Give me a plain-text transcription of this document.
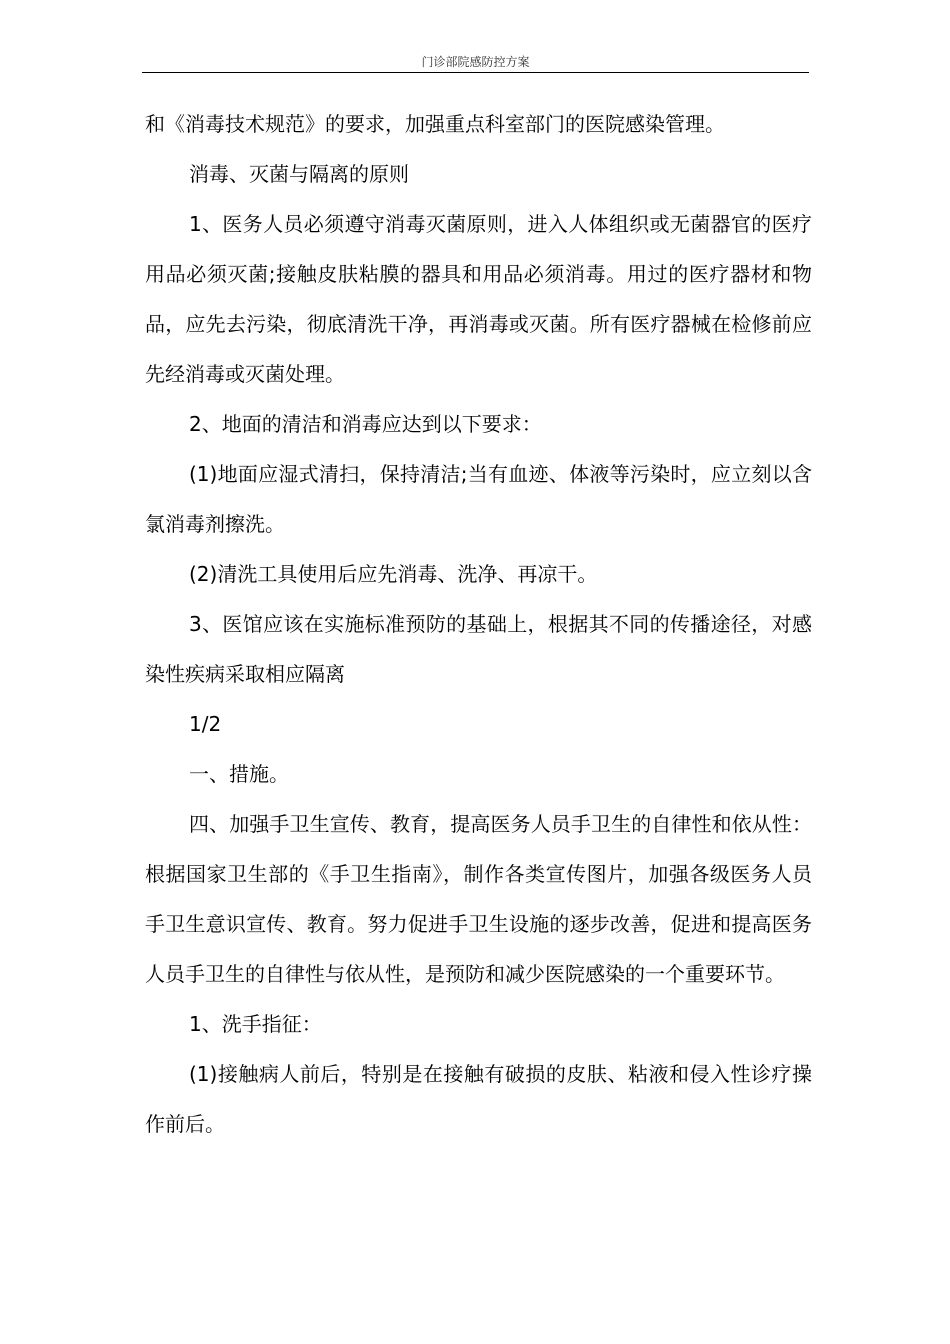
门诊部院感防控方案

和《消毒技术规范》的要求，加强重点科室部门的医院感染管理。

消毒、灭菌与隔离的原则

1、医务人员必须遵守消毒灭菌原则，进入人体组织或无菌器官的医疗用品必须灭菌;接触皮肤粘膜的器具和用品必须消毒。用过的医疗器材和物品，应先去污染，彻底清洗干净，再消毒或灭菌。所有医疗器械在检修前应先经消毒或灭菌处理。

2、地面的清洁和消毒应达到以下要求：

(1)地面应湿式清扫，保持清洁;当有血迹、体液等污染时，应立刻以含氯消毒剂擦洗。

(2)清洗工具使用后应先消毒、洗净、再凉干。

3、医馆应该在实施标准预防的基础上，根据其不同的传播途径，对感染性疾病采取相应隔离

1/2

一、措施。

四、加强手卫生宣传、教育，提高医务人员手卫生的自律性和依从性：根据国家卫生部的《手卫生指南》，制作各类宣传图片，加强各级医务人员手卫生意识宣传、教育。努力促进手卫生设施的逐步改善，促进和提高医务人员手卫生的自律性与依从性，是预防和减少医院感染的一个重要环节。

1、洗手指征：

(1)接触病人前后，特别是在接触有破损的皮肤、粘液和侵入性诊疗操作前后。
